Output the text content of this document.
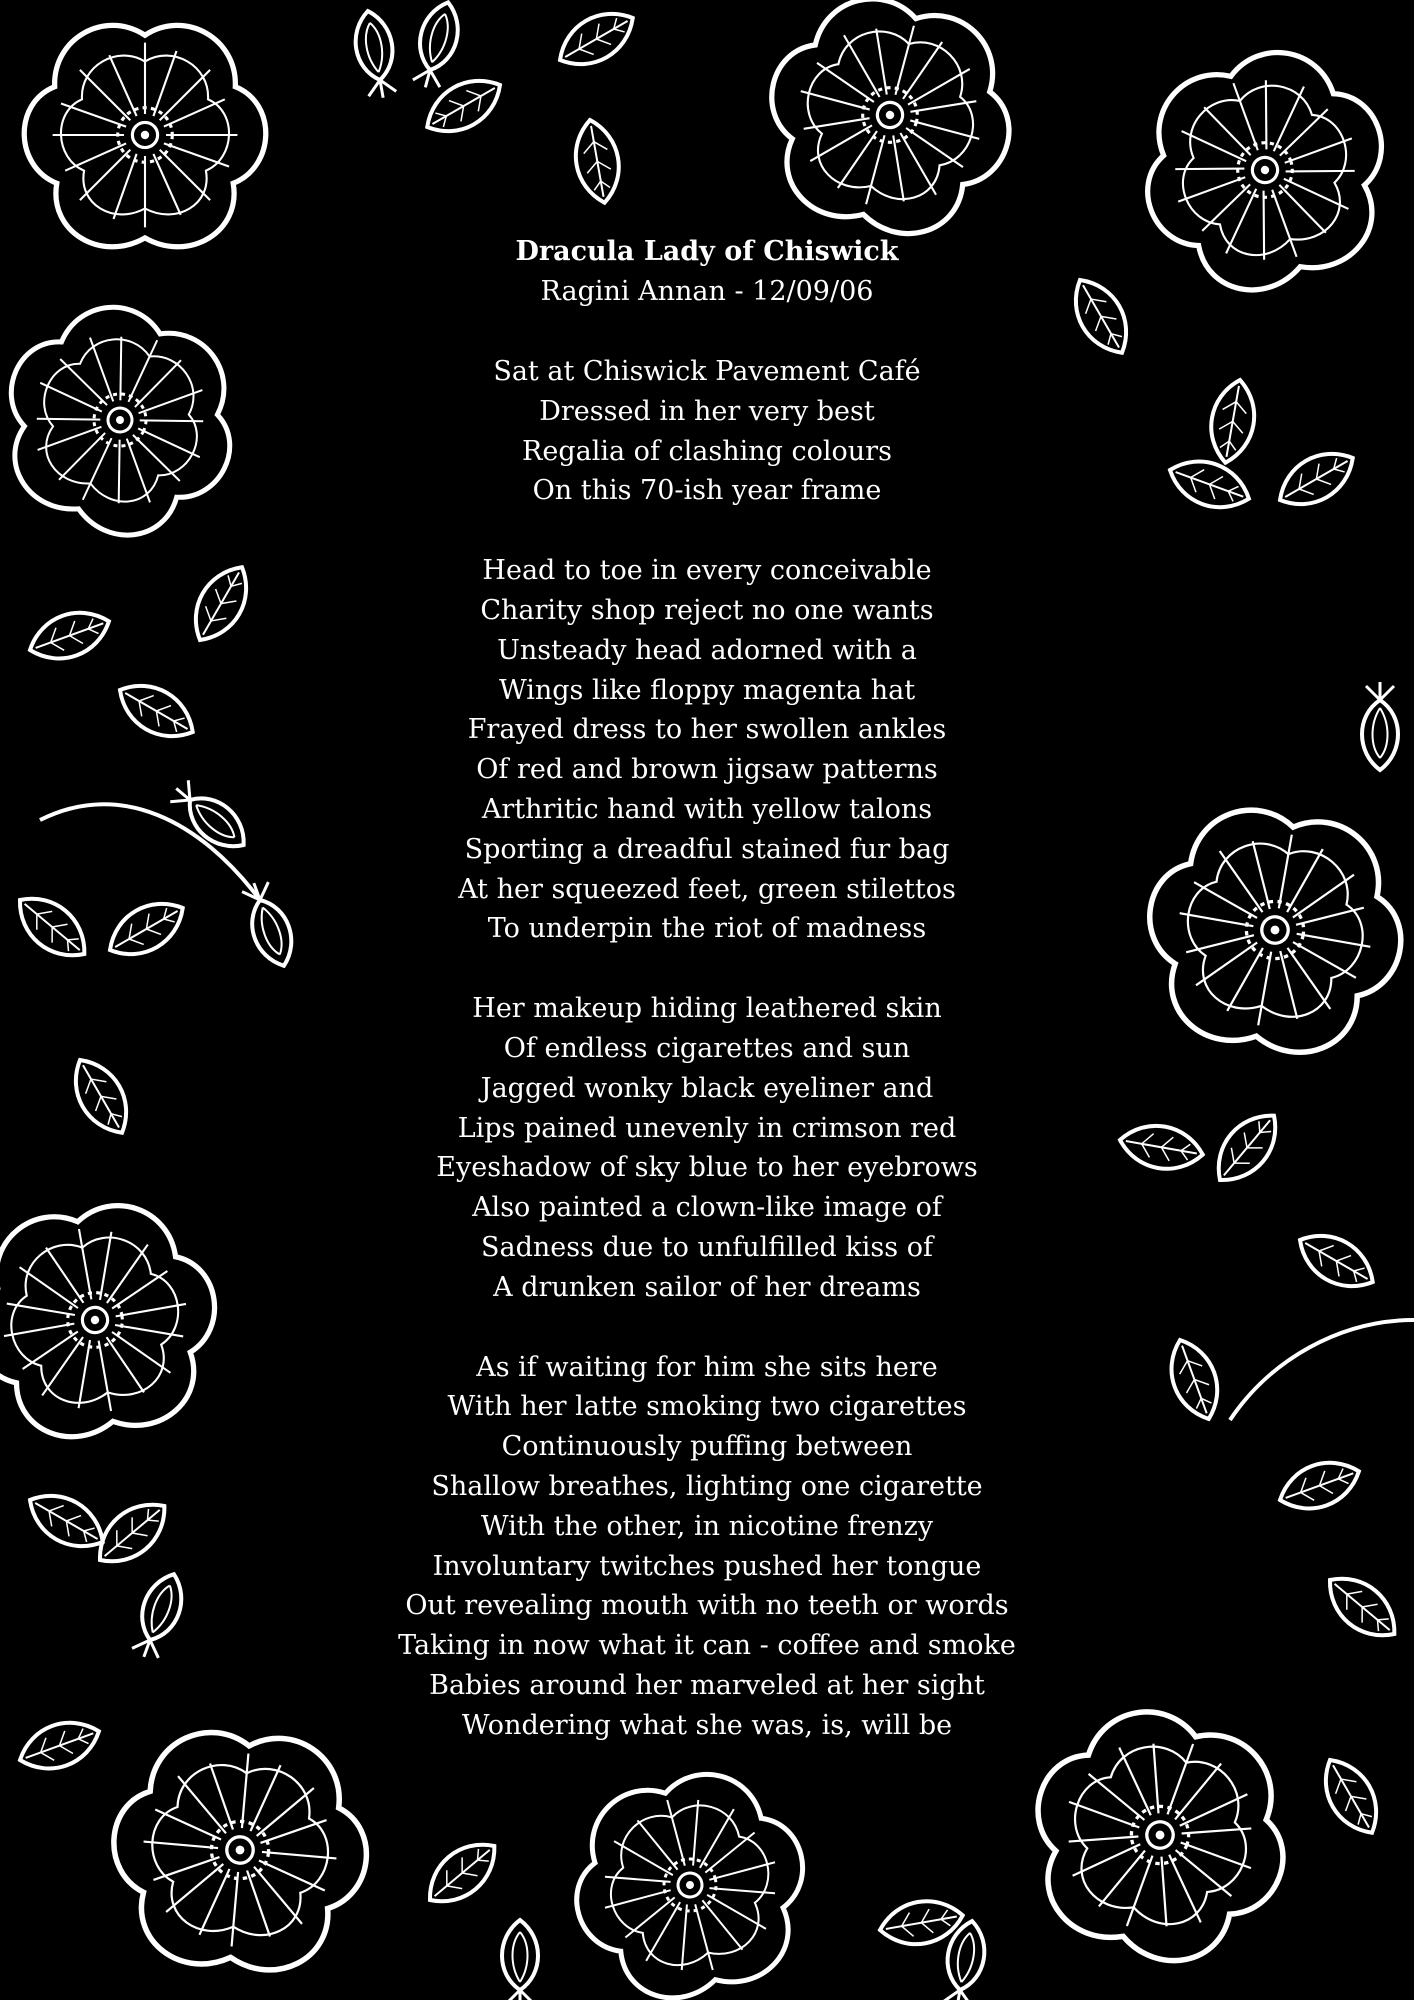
Dracula Lady of Chiswick
Ragini Annan - 12/09/06
Sat at Chiswick Pavement Café
Dressed in her very best
Regalia of clashing colours
On this 70-ish year frame
Head to toe in every conceivable
Charity shop reject no one wants
Unsteady head adorned with a
Wings like floppy magenta hat
Frayed dress to her swollen ankles
Of red and brown jigsaw patterns
Arthritic hand with yellow talons
Sporting a dreadful stained fur bag
At her squeezed feet, green stilettos
To underpin the riot of madness
Her makeup hiding leathered skin
Of endless cigarettes and sun
Jagged wonky black eyeliner and
Lips pained unevenly in crimson red
Eyeshadow of sky blue to her eyebrows
Also painted a clown-like image of
Sadness due to unfulfilled kiss of
A drunken sailor of her dreams
As if waiting for him she sits here
With her latte smoking two cigarettes
Continuously puffing between
Shallow breathes, lighting one cigarette
With the other, in nicotine frenzy
Involuntary twitches pushed her tongue
Out revealing mouth with no teeth or words
Taking in now what it can - coffee and smoke
Babies around her marveled at her sight
Wondering what she was, is, will be
